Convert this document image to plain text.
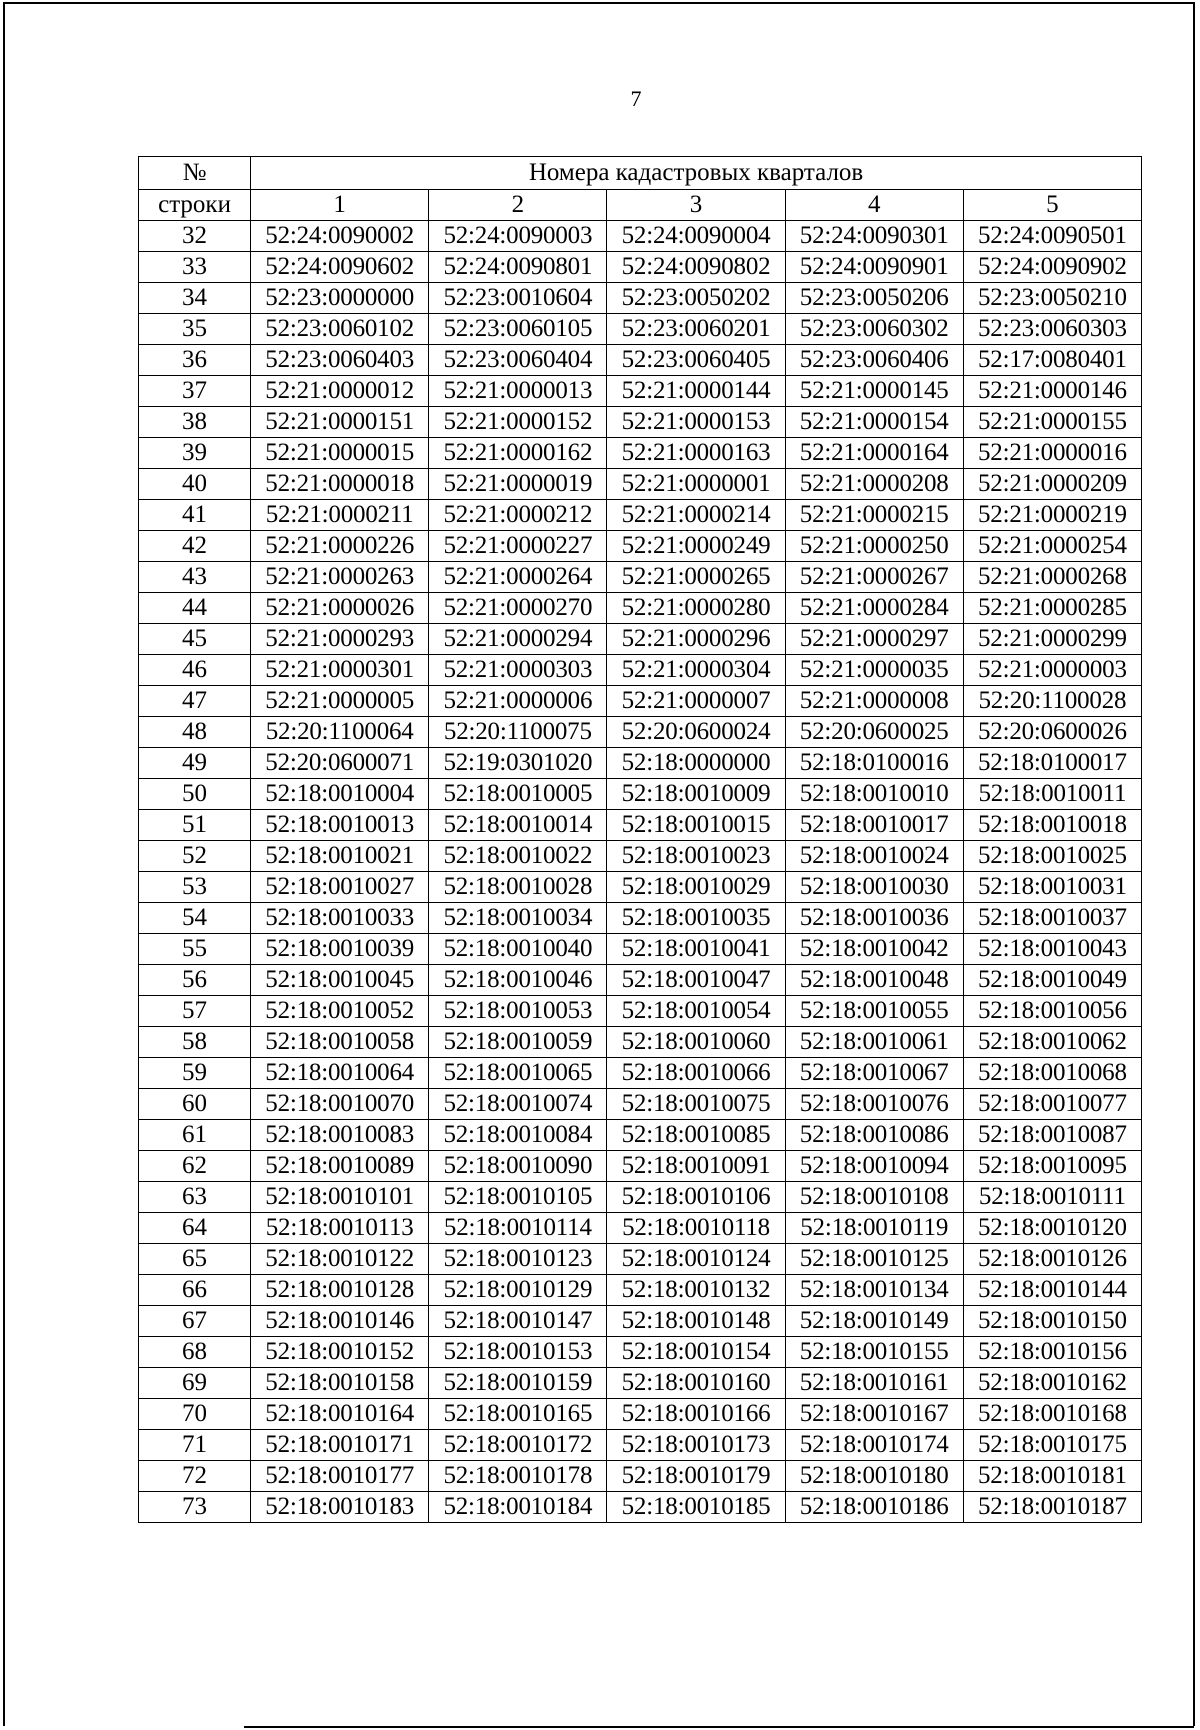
7
№	Номера кадастровых кварталов				
строки	1	2	3	4	5
32	52:24:0090002	52:24:0090003	52:24:0090004	52:24:0090301	52:24:0090501
33	52:24:0090602	52:24:0090801	52:24:0090802	52:24:0090901	52:24:0090902
34	52:23:0000000	52:23:0010604	52:23:0050202	52:23:0050206	52:23:0050210
35	52:23:0060102	52:23:0060105	52:23:0060201	52:23:0060302	52:23:0060303
36	52:23:0060403	52:23:0060404	52:23:0060405	52:23:0060406	52:17:0080401
37	52:21:0000012	52:21:0000013	52:21:0000144	52:21:0000145	52:21:0000146
38	52:21:0000151	52:21:0000152	52:21:0000153	52:21:0000154	52:21:0000155
39	52:21:0000015	52:21:0000162	52:21:0000163	52:21:0000164	52:21:0000016
40	52:21:0000018	52:21:0000019	52:21:0000001	52:21:0000208	52:21:0000209
41	52:21:0000211	52:21:0000212	52:21:0000214	52:21:0000215	52:21:0000219
42	52:21:0000226	52:21:0000227	52:21:0000249	52:21:0000250	52:21:0000254
43	52:21:0000263	52:21:0000264	52:21:0000265	52:21:0000267	52:21:0000268
44	52:21:0000026	52:21:0000270	52:21:0000280	52:21:0000284	52:21:0000285
45	52:21:0000293	52:21:0000294	52:21:0000296	52:21:0000297	52:21:0000299
46	52:21:0000301	52:21:0000303	52:21:0000304	52:21:0000035	52:21:0000003
47	52:21:0000005	52:21:0000006	52:21:0000007	52:21:0000008	52:20:1100028
48	52:20:1100064	52:20:1100075	52:20:0600024	52:20:0600025	52:20:0600026
49	52:20:0600071	52:19:0301020	52:18:0000000	52:18:0100016	52:18:0100017
50	52:18:0010004	52:18:0010005	52:18:0010009	52:18:0010010	52:18:0010011
51	52:18:0010013	52:18:0010014	52:18:0010015	52:18:0010017	52:18:0010018
52	52:18:0010021	52:18:0010022	52:18:0010023	52:18:0010024	52:18:0010025
53	52:18:0010027	52:18:0010028	52:18:0010029	52:18:0010030	52:18:0010031
54	52:18:0010033	52:18:0010034	52:18:0010035	52:18:0010036	52:18:0010037
55	52:18:0010039	52:18:0010040	52:18:0010041	52:18:0010042	52:18:0010043
56	52:18:0010045	52:18:0010046	52:18:0010047	52:18:0010048	52:18:0010049
57	52:18:0010052	52:18:0010053	52:18:0010054	52:18:0010055	52:18:0010056
58	52:18:0010058	52:18:0010059	52:18:0010060	52:18:0010061	52:18:0010062
59	52:18:0010064	52:18:0010065	52:18:0010066	52:18:0010067	52:18:0010068
60	52:18:0010070	52:18:0010074	52:18:0010075	52:18:0010076	52:18:0010077
61	52:18:0010083	52:18:0010084	52:18:0010085	52:18:0010086	52:18:0010087
62	52:18:0010089	52:18:0010090	52:18:0010091	52:18:0010094	52:18:0010095
63	52:18:0010101	52:18:0010105	52:18:0010106	52:18:0010108	52:18:0010111
64	52:18:0010113	52:18:0010114	52:18:0010118	52:18:0010119	52:18:0010120
65	52:18:0010122	52:18:0010123	52:18:0010124	52:18:0010125	52:18:0010126
66	52:18:0010128	52:18:0010129	52:18:0010132	52:18:0010134	52:18:0010144
67	52:18:0010146	52:18:0010147	52:18:0010148	52:18:0010149	52:18:0010150
68	52:18:0010152	52:18:0010153	52:18:0010154	52:18:0010155	52:18:0010156
69	52:18:0010158	52:18:0010159	52:18:0010160	52:18:0010161	52:18:0010162
70	52:18:0010164	52:18:0010165	52:18:0010166	52:18:0010167	52:18:0010168
71	52:18:0010171	52:18:0010172	52:18:0010173	52:18:0010174	52:18:0010175
72	52:18:0010177	52:18:0010178	52:18:0010179	52:18:0010180	52:18:0010181
73	52:18:0010183	52:18:0010184	52:18:0010185	52:18:0010186	52:18:0010187
